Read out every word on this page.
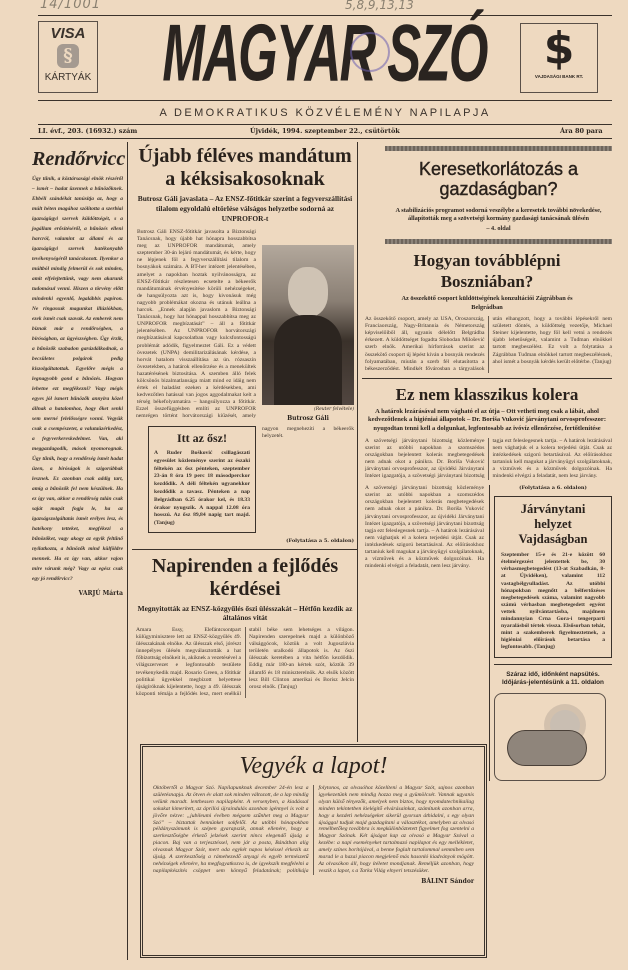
14/1001	5,8,9,13,13
VISA
§
KÁRTYÁK MAGYAR SZÓ	$
VAJDASÁGI BANK RT.
A DEMOKRATIKUS KÖZVÉLEMÉNY NAPILAPJA
LI. évf., 203. (16932.) szám	Újvidék, 1994. szeptember 22., csütörtök	Ára 80 para
Rendőrvicc
Úgy tűnik, a köztársasági elnök részéről – ismét – hadat üzennek a bűnözőknek. Ebbéli szándékát tanúsítja az, hogy a múlt héten magához szólította a szerbiai igazságügyi szervek küldöttségét, s a jogállam erősítéséről, a bűnözés elleni harcról, valamint az állami és az igazságügyi szervek hatékonyabb tevékenységéről tanácskozott. Ilyenkor a múltból mindig felmerül és sok minden, amit elfelejtettünk, vagy nem akarunk tudomásul venni. Hiszen a törvény előtt mindenki egyenlő, legalábbis papíron. Ne ringassuk magunkat illúziókban, ezek ismét csak szavak. Az emberek nem bíznak már a rendőrségben, a bíróságban, az ügyészségben. Úgy érzik, a bűnözők szabadon garázdálkodnak, a becsületes polgárok pedig kiszolgáltatottak. Egyelőre mégis a legnagyobb gond a bűnözés. Hogyan lehetne ezt megfékezni? Vagy mégis egyes jól ismert bűnözők annyira közel állnak a hatalomhoz, hogy őket senki sem merné felelősségre vonni. Vegyük csak a csempészetet, a valutaüzérkedést, a fegyverkereskedelmet. Van, aki meggazdagodik, mások nyomorognak. Úgy tűnik, hogy a rendőrség ismét hadat üzen, a bíróságok is szigorúbbak lesznek. Ez azonban csak addig tart, amíg a bűnözők fel nem készülnek. Ha ez így van, akkor a rendőrség talán csak saját magát fogja le, ha az igazságszolgáltatás ismét erélyes lesz, és hatékony tetteket, megfékezi a bűnözőket, vagy akogy az egyik feltűnő nyilatkozta, a bűnözők mind külföldre mennek. Ha ez így van, akkor vajon mire várunk még? Vagy az egész csak egy jó rendőrvicc?
VARJÚ Márta
Újabb féléves mandátum a kéksisakosoknak
Butrosz Gáli javaslata – Az ENSZ-főtitkár szerint a fegyverszállítási tilalom egyoldalú eltörlése válságos helyzetbe sodorná az UNPROFOR-t
(Reuter felvétele)
Butrosz Gáli
Itt az ősz!
A Ruđer Bošković csillagászati egyesület közleménye szerint az északi féltekén az ősz pénteken, szeptember 23-án 8 óra 19 perc 18 másodperckor kezdődik. A déli féltekén ugyanekkor kezdődik a tavasz. Pénteken a nap Belgrádban 6.25 órakor kel, és 18.33 órakor nyugszik. A nappal 12.08 óra hosszú. Az ősz 89,84 napig tart majd. (Tanjug)

Butrosz Gáli ENSZ-főtitkár javasolta a Biztonsági Tanácsnak, hogy újabb hat hónapra hosszabbítsa meg az UNPROFOR mandátumát, amely szeptember 30-án lejáró mandátumát, és kérte, hogy ne lépjenek föl a fegyverszállítási tilalom a bosnyákok számára. A BT-her intézett jelentésében, amelyet a napokban hoztak nyilvánosságra, az ENSZ-főtitkár részletesen ecsetelte a békeerők mandátumának érvényesítése körüli nehézségeket, de hangsúlyozta azt is, hogy kivonásuk még nagyobb problémákat okozna és utánuk leállna a harcok. „Ennek alapján javaslom a Biztonsági Tanácsnak, hogy hat hónappal hosszabbítsa meg az UNPROFOR megbízatását” – áll a főtitkár jelentésében. Az UNPROFOR horvátországi megbízatásával kapcsolatban vagy kulcsfontosságú problémát adódik, figyelmeztet Gáli. Ez a védett övezetek (UNPA) demilitarizálásának kérdése, a horvát hatalom visszaállítása az ún. rózsaszín övezetekben, a határok ellenőrzése és a menekültek hazatérésének biztosítása. A szemben álló felek kölcsönös bizalmatlansága miatt mind ez idáig nem értek el haladást ezeken a kérdésekben, ami kedvezőtlen hatással van jogos aggodalmakat kelt a térség békefolyamatára – hangsúlyozza a főtitkár. Ezzel összefüggésben említi az UNPROFOR nemrégen történt horvátországi kiűzését, amely nagyon megnehezíti a békeerők helyzetét.

(Folytatása a 5. oldalon)
Napirenden a fejlődés kérdései
Megnyitották az ENSZ-közgyűlés őszi ülésszakát – Hétfőn kezdik az általános vitát
Amara Essy, Elefántcsontpart külügyminisztere lett az ENSZ-közgyűlés 49. ülésszakának elnöke. Az ülésszak első, jórészt ünnepélyes ülésén megválasztották a hat főbizottság elnökeit is, akiknek a vezetésével a világszervezet e legfontosabb testülete tevékenykedik majd. Rosario Green, a főtitkár politikai ügyekkel megbízott helyettese újságíróknak kijelentette, hogy a 49. ülésszak központi témája a fejlődés lesz, mert enélkül stabil béke sem lehetséges a világon. Napirenden szerepelnek majd a különböző válsággócok, köztük a volt Jugoszlávia területén uralkodó állapotok is. Az őszi ülésszak keretében a vita hétfőn kezdődik. Eddig már 180-an kértek szót, köztük 39 államfő és 18 miniszterelnök. Az elsők között lesz Bill Clinton amerikai és Borisz Jelcin orosz elnök. (Tanjug)
Keresetkorlátozás a gazdaságban?
A stabilizációs programot sodorná veszélybe a keresetek további növekedése, állapították meg a szövetségi kormány gazdasági tanácsának ülésén
– 4. oldal
Hogyan továbblépni Boszniában?
Az összekötő csoport küldöttségének konzultációi Zágrábban és Belgrádban
Az összekötő csoport, amely az USA, Oroszország, Franciaország, Nagy-Britannia és Németország képviselőiből áll, ugyanis délelőtt Belgrádba érkezett. A küldöttséget fogadta Slobodan Milošević szerb elnök. Amerikai hírforrások szerint az összekötő csoport új lépést kíván a bosnyák rendezés folyamatában, miután a szerb fél elutasította a békeszerződést. Mindkét fővárosban a tárgyalások után elhangzott, hogy a további lépésekről nem született döntés, a küldöttség vezetője, Michael Steiner kijelentette, hogy föl kell vetni a rendezés újabb lehetőségeit, valamint a Tuđman elnökkel tartott megbeszélést. Ez volt a folytatása a Zágrábban Tuđman elnökkel tartott megbeszélésnek, ahol ismét a bosnyák kérdés került előtérbe. (Tanjug)
Ez nem klasszikus kolera
A határok lezárásával nem vágható el az útja – Ott vetheti meg csak a lábát, ahol kedvezőtlenek a higiéniai állapotok – Dr. Boriša Vuković járványtani orvosprofesszor: nyugodtan tenni kell a dolgunkat, legfontosabb az ivóvíz ellenőrzése, fertőtlenítése
A szövetségi járványtani bizottság közleménye szerint az utóbbi napokban a szomszédos országokban bejelentett kolerás megbetegedések nem adnak okot a pánikra. Dr. Boriša Vuković járványtani orvosprofesszor, az újvidéki Járványtani Intézet igazgatója, a szövetségi járványtani bizottság tagja ezt feleslegesnek tartja. – A határok lezárásával nem vághatjuk el a kolera terjedési útját. Csak az intézkedések szigorú betartásával. Az előírásokhoz tartaniuk kell magukat a járványügyi szolgálatoknak, a vízművek és a közművek dolgozóinak. Ha mindenki elvégzi a feladatát, nem lesz járvány.
A szövetségi járványtani bizottság közleménye szerint az utóbbi napokban a szomszédos országokban bejelentett kolerás megbetegedések nem adnak okot a pánikra. Dr. Boriša Vuković járványtani orvosprofesszor, az újvidéki Járványtani Intézet igazgatója, a szövetségi járványtani bizottság tagja ezt feleslegesnek tartja. – A határok lezárásával nem vághatjuk el a kolera terjedési útját. Csak az intézkedések szigorú betartásával. Az előírásokhoz tartaniuk kell magukat a járványügyi szolgálatoknak, a vízművek és a közművek dolgozóinak. Ha mindenki elvégzi a feladatát, nem lesz járvány.
(Folytatása a 6. oldalon)
Járványtani helyzet Vajdaságban
Szeptember 15-e és 21-e között 60 ételmérgezést jelentettek be, 30 vérhasmegbetegedést (13-at Szabadkán, 8-at Újvidéken), valamint 112 vastagbélgyulladást. Az utóbbi hónapokban megnőtt a bélfertőzéses megbetegedések száma, valamint nagyobb számú vérhasban megbetegedett egyént vettek nyilvántartásba, majdnem mindannyian Crna Gora-i tengerparti nyaralásból tértek vissza. Elsősorban tehát, mint a szakemberek figyelmeztetnek, a higiéniai előírások betartása a legfontosabb. (Tanjug)
Száraz idő, időnként napsütés. Időjárás-jelentésünk a 11. oldalon
Vegyék a lapot!
Októbertől a Magyar Szó. Napilapunknak december 24-én lesz a születésnapja. Az ötven év alatt sok minden változott, de a lap mindig velünk maradt. lenthessen napilapként. A versenyben, a kiadással sokakat kimerített, az áprilisi újraindulás azonban igénnyel is volt a jövőre nézve: „jubileumi évében mégsem szűnhet meg a Magyar Szó” – biztattak bennünket sokfelől. Az utóbbi hónapokban példányszámunk is szépen gyarapszik, annak ellenére, hogy a szerkesztőségbe érkező jelzések szerint nincs elegendő újság a piacon. Baj van a terjesztéssel, nem jár a posta, Bánátban alig olvasnak Magyar Szót, mert oda egykét napos késéssel érkezik az újság. A szerkesztőség a rámehezedő anyagi és egyéb természetű nehézségek ellenére, ha megfogyatkozva is, de igyekszik megfelelni a napilapkészítés csöppet sem könnyű feladatának; politikája folytonos, az olvasóhoz közelíteni a Magyar Szót, sajnos azonban igyekezetünk nem mindig hozza meg a gyümölcsét. Vannak ugyanis olyan külső tényezők, amelyek nem biztos, hogy nyomdatechnikailag minden tekintetben kielégítő elvárásainkat, számítunk azonban arra, hogy a kezdeti nehézségeket sikerül gyorsan áthidalni, s egy olyan újsággal tudjuk majd gazdagítani a választékot, amelyben az olvasó remélhetőleg továbbra is megkülönböztetett figyelmet fog szentelni a Magyar Szónak. Két újságot kap az olvasó a Magyar Szóval a kezébe: a napi eseményeket tartalmazó napilapot és egy mellékletet, amely színes borítójával, a benne foglalt tartalommal semmiben sem marad le a hazai piacon megjelenő más hasonló kiadványok mögött. Az olvasókon áll, hogy ítéletet mondjanak. Reméljük azonban, hogy veszik a lapot, s a Tarka Világ elnyeri tetszésüket.
BÁLINT Sándor
